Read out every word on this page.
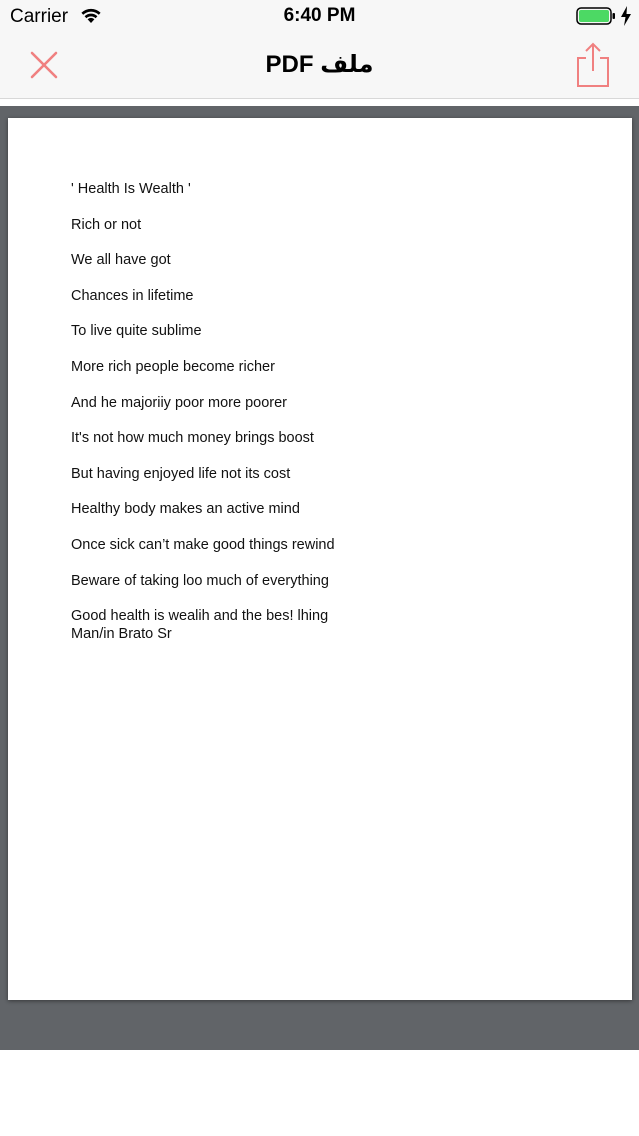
Carrier	6:40 PM
ملف PDF
' Health Is Wealth '
Rich or not
We all have got
Chances in lifetime
To live quite sublime
More rich people become richer
And he majoriiy poor more poorer
It's not how much money brings boost
But having enjoyed life not its cost
Healthy body makes an active mind
Once sick can’t make good things rewind
Beware of taking loo much of everything
Good health is wealih and the bes! lhing
Man/in Brato Sr
